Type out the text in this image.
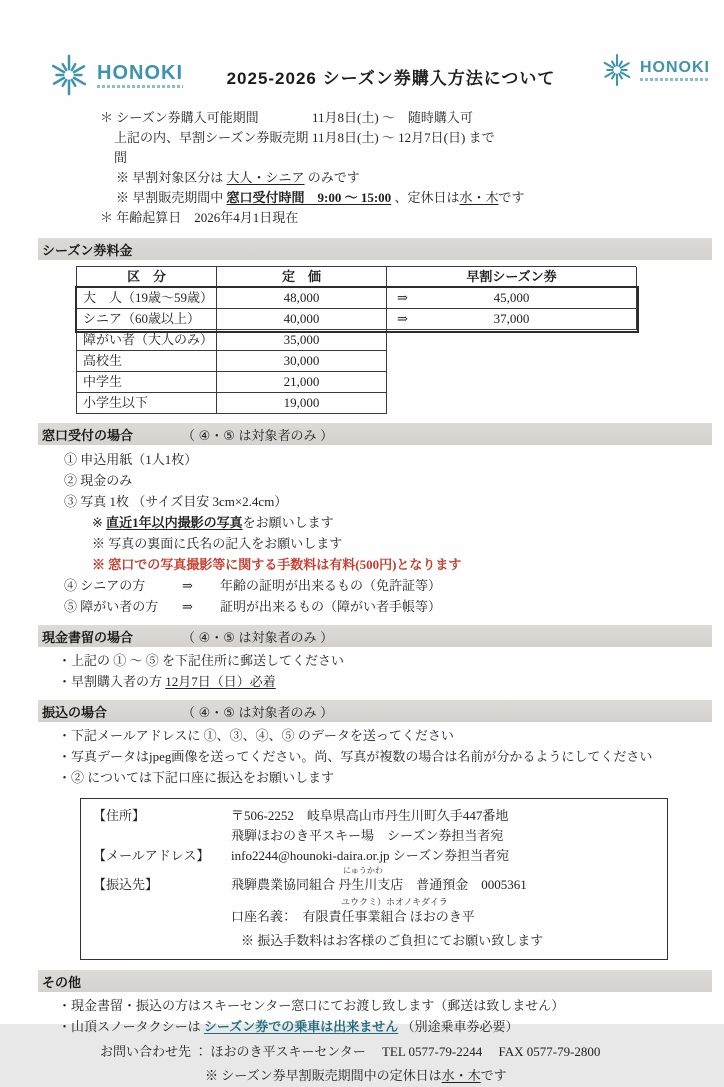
HONOKI	2025-2026 シーズン券購入方法について
HONOKI
＊ シーズン券購入可能期間	11月8日(土) ～　随時購入可
上記の内、早割シーズン券販売期間
11月8日(土) ～ 12月7日(日) まで
※ 早割対象区分は 大人・シニア のみです
※ 早割販売期間中 窓口受付時間　9:00 ～ 15:00 、定休日は水・木です
＊ 年齢起算日　2026年4月1日現在
シーズン券料金
区　分	定　価	早割シーズン券
大　人（19歳～59歳）	48,000	⇒	45,000
シニア（60歳以上）	40,000	⇒	37,000
障がい者（大人のみ）	35,000
高校生	30,000
中学生	21,000
小学生以下	19,000
窓口受付の場合	（ ④・⑤ は対象者のみ ）
① 申込用紙（1人1枚）
② 現金のみ
③ 写真 1枚 （サイズ目安 3cm×2.4cm）
※ 直近1年以内撮影の写真をお願いします
※ 写真の裏面に氏名の記入をお願いします
※ 窓口での写真撮影等に関する手数料は有料(500円)となります
④ シニアの方	⇒	年齢の証明が出来るもの（免許証等）
⑤ 障がい者の方	⇒	証明が出来るもの（障がい者手帳等）
現金書留の場合	（ ④・⑤ は対象者のみ ）
・上記の ① ～ ⑤ を下記住所に郵送してください
・早割購入者の方 12月7日（日）必着
振込の場合	（ ④・⑤ は対象者のみ ）
・下記メールアドレスに ①、③、④、⑤ のデータを送ってください
・写真データはjpeg画像を送ってください。尚、写真が複数の場合は名前が分かるようにしてください
・② については下記口座に振込をお願いします
【住所】	〒506-2252　岐阜県高山市丹生川町久手447番地
飛騨ほおのき平スキー場　シーズン券担当者宛
【メールアドレス】	info2244@hounoki-daira.or.jp シーズン券担当者宛
にゅうかわ
【振込先】	飛騨農業協同組合 丹生川支店　普通預金　0005361
ユウクミ）ホオノキダイラ
口座名義：　有限責任事業組合 ほおのき平
※ 振込手数料はお客様のご負担にてお願い致します
その他
・現金書留・振込の方はスキーセンター窓口にてお渡し致します（郵送は致しません）
・山頂スノータクシーは シーズン券での乗車は出来ません （別途乗車券必要）
お問い合わせ先 ： ほおのき平スキーセンター　 TEL 0577-79-2244　 FAX 0577-79-2800
※ シーズン券早割販売期間中の定休日は水・木です
